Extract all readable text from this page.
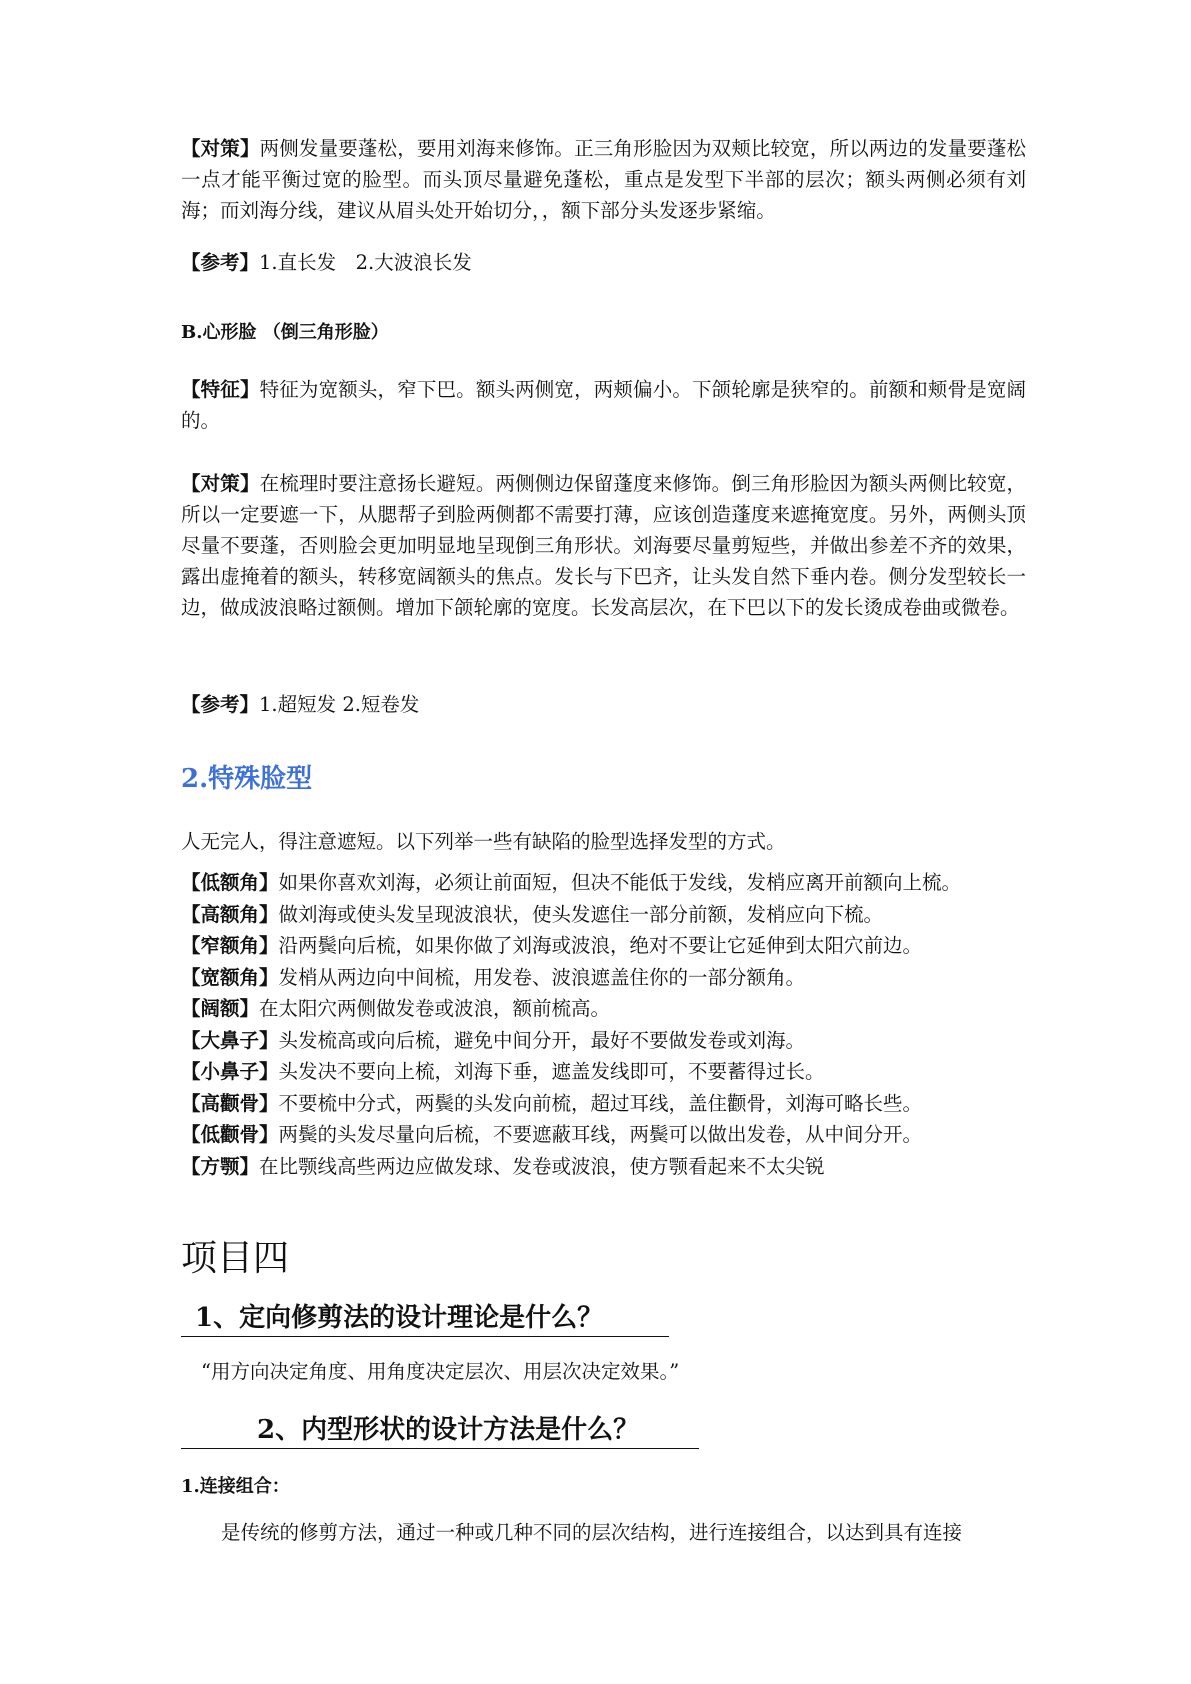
【对策】两侧发量要蓬松，要用刘海来修饰。正三角形脸因为双颊比较宽，所以两边的发量要蓬松一点才能平衡过宽的脸型。而头顶尽量避免蓬松，重点是发型下半部的层次；额头两侧必须有刘海；而刘海分线，建议从眉头处开始切分，，额下部分头发逐步紧缩。

【参考】1.直长发　2.大波浪长发

B.心形脸 （倒三角形脸）

【特征】特征为宽额头，窄下巴。额头两侧宽，两颊偏小。下颌轮廓是狭窄的。前额和颊骨是宽阔的。

【对策】在梳理时要注意扬长避短。两侧侧边保留蓬度来修饰。倒三角形脸因为额头两侧比较宽，所以一定要遮一下，从腮帮子到脸两侧都不需要打薄，应该创造蓬度来遮掩宽度。另外，两侧头顶尽量不要蓬，否则脸会更加明显地呈现倒三角形状。刘海要尽量剪短些，并做出参差不齐的效果，露出虚掩着的额头，转移宽阔额头的焦点。发长与下巴齐，让头发自然下垂内卷。侧分发型较长一边，做成波浪略过额侧。增加下颌轮廓的宽度。长发高层次，在下巴以下的发长烫成卷曲或微卷。

【参考】1.超短发 2.短卷发

2.特殊脸型

人无完人，得注意遮短。以下列举一些有缺陷的脸型选择发型的方式。

【低额角】如果你喜欢刘海，必须让前面短，但决不能低于发线，发梢应离开前额向上梳。

【高额角】做刘海或使头发呈现波浪状，使头发遮住一部分前额，发梢应向下梳。

【窄额角】沿两鬓向后梳，如果你做了刘海或波浪，绝对不要让它延伸到太阳穴前边。

【宽额角】发梢从两边向中间梳，用发卷、波浪遮盖住你的一部分额角。

【阔额】在太阳穴两侧做发卷或波浪，额前梳高。

【大鼻子】头发梳高或向后梳，避免中间分开，最好不要做发卷或刘海。

【小鼻子】头发决不要向上梳，刘海下垂，遮盖发线即可，不要蓄得过长。

【高颧骨】不要梳中分式，两鬓的头发向前梳，超过耳线，盖住颧骨，刘海可略长些。

【低颧骨】两鬓的头发尽量向后梳，不要遮蔽耳线，两鬓可以做出发卷，从中间分开。

【方颚】在比颚线高些两边应做发球、发卷或波浪，使方颚看起来不太尖锐

项目四
1、定向修剪法的设计理论是什么？

“用方向决定角度、用角度决定层次、用层次决定效果。”

2、内型形状的设计方法是什么？

1.连接组合：

是传统的修剪方法，通过一种或几种不同的层次结构，进行连接组合，以达到具有连接
